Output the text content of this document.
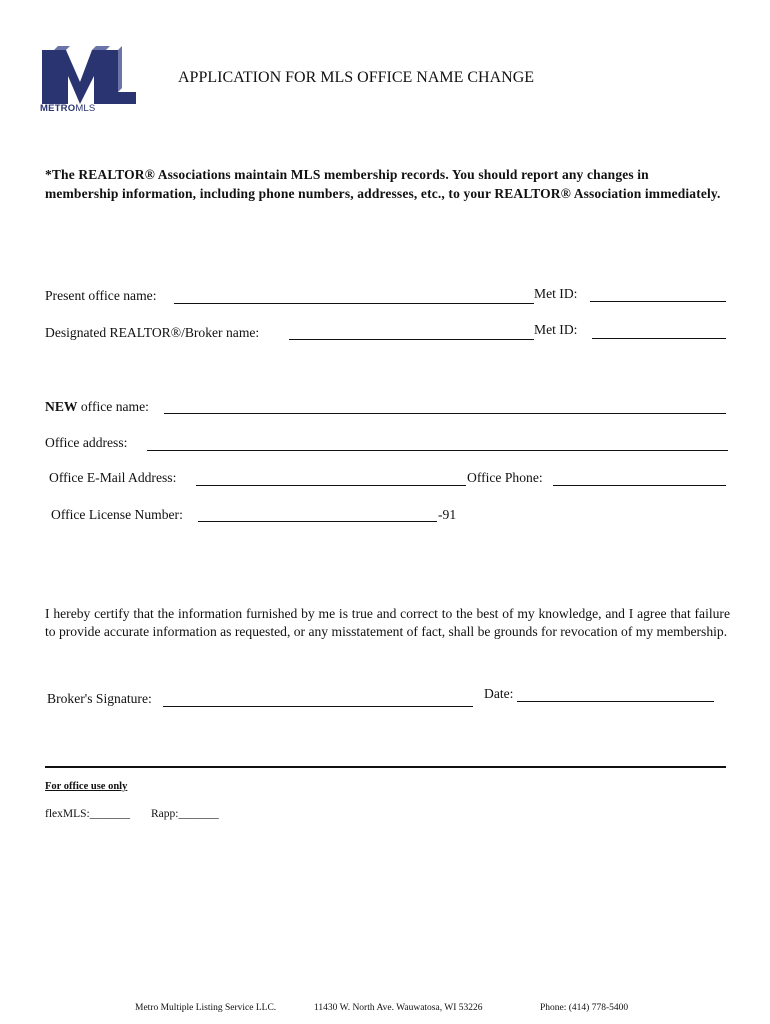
METROMLS
APPLICATION FOR MLS OFFICE NAME CHANGE
*The REALTOR® Associations maintain MLS membership records. You should report any changes in membership information, including phone numbers, addresses, etc., to your REALTOR® Association immediately.
Present office name:	Met ID:
Designated REALTOR®/Broker name:	Met ID:
NEW office name:
Office address:
Office E-Mail Address:	Office Phone:
Office License Number:	-91
I hereby certify that the information furnished by me is true and correct to the best of my knowledge, and I agree that failure to provide accurate information as requested, or any misstatement of fact, shall be grounds for revocation of my membership.
Broker's Signature:	Date:
For office use only
flexMLS:_______ Rapp:_______
Metro Multiple Listing Service LLC.	11430 W. North Ave. Wauwatosa, WI 53226	Phone: (414) 778-5400
